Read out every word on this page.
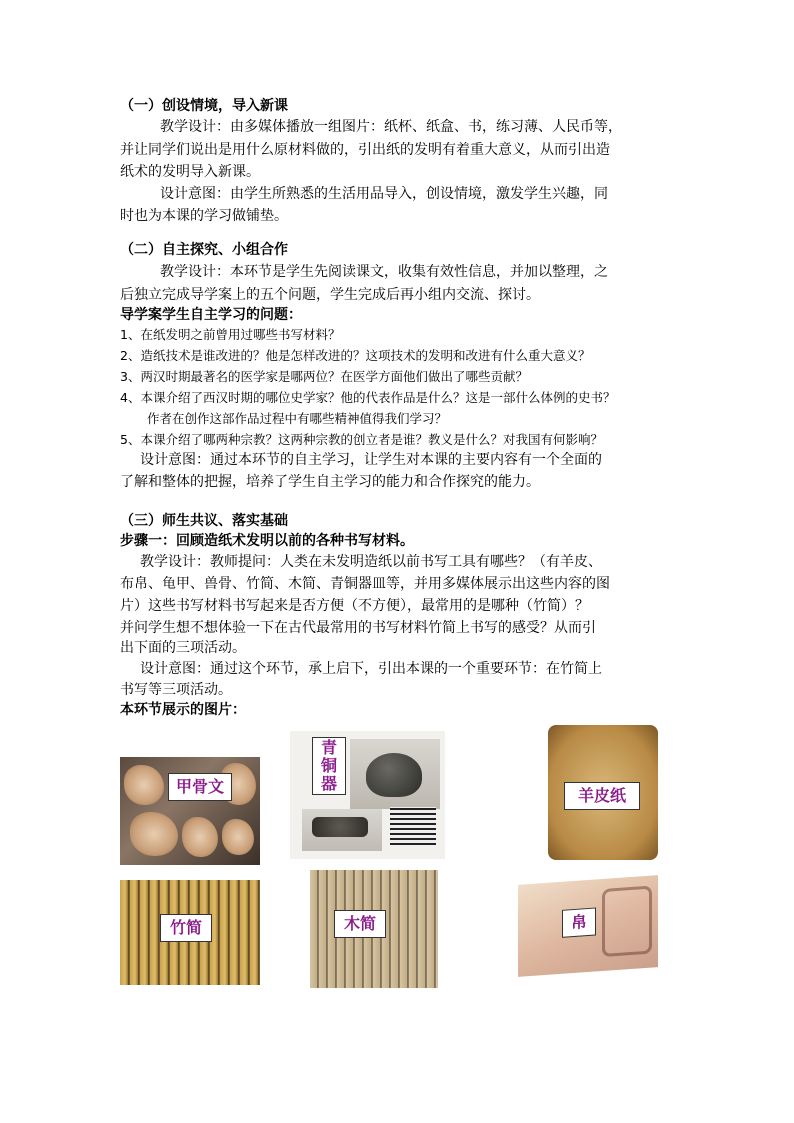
（一）创设情境，导入新课
教学设计：由多媒体播放一组图片：纸杯、纸盒、书，练习薄、人民币等，
并让同学们说出是用什么原材料做的，引出纸的发明有着重大意义，从而引出造
纸术的发明导入新课。
设计意图：由学生所熟悉的生活用品导入，创设情境，激发学生兴趣，同
时也为本课的学习做铺垫。
（二）自主探究、小组合作
教学设计：本环节是学生先阅读课文，收集有效性信息，并加以整理，之
后独立完成导学案上的五个问题，学生完成后再小组内交流、探讨。
导学案学生自主学习的问题：
1、在纸发明之前曾用过哪些书写材料？
2、造纸技术是谁改进的？他是怎样改进的？这项技术的发明和改进有什么重大意义？
3、两汉时期最著名的医学家是哪两位？在医学方面他们做出了哪些贡献？
4、本课介绍了西汉时期的哪位史学家？他的代表作品是什么？这是一部什么体例的史书？
作者在创作这部作品过程中有哪些精神值得我们学习？
5、本课介绍了哪两种宗教？这两种宗教的创立者是谁？教义是什么？对我国有何影响？
设计意图：通过本环节的自主学习，让学生对本课的主要内容有一个全面的
了解和整体的把握，培养了学生自主学习的能力和合作探究的能力。
（三）师生共议、落实基础
步骤一：回顾造纸术发明以前的各种书写材料。
教学设计：教师提问：人类在未发明造纸以前书写工具有哪些？（有羊皮、
布帛、龟甲、兽骨、竹简、木简、青铜器皿等，并用多媒体展示出这些内容的图
片）这些书写材料书写起来是否方便（不方便），最常用的是哪种（竹简）？
并问学生想不想体验一下在古代最常用的书写材料竹简上书写的感受？从而引
出下面的三项活动。
设计意图：通过这个环节，承上启下，引出本课的一个重要环节：在竹简上
书写等三项活动。
本环节展示的图片：
甲骨文
青
铜
器
羊皮纸
竹简	木简	帛
